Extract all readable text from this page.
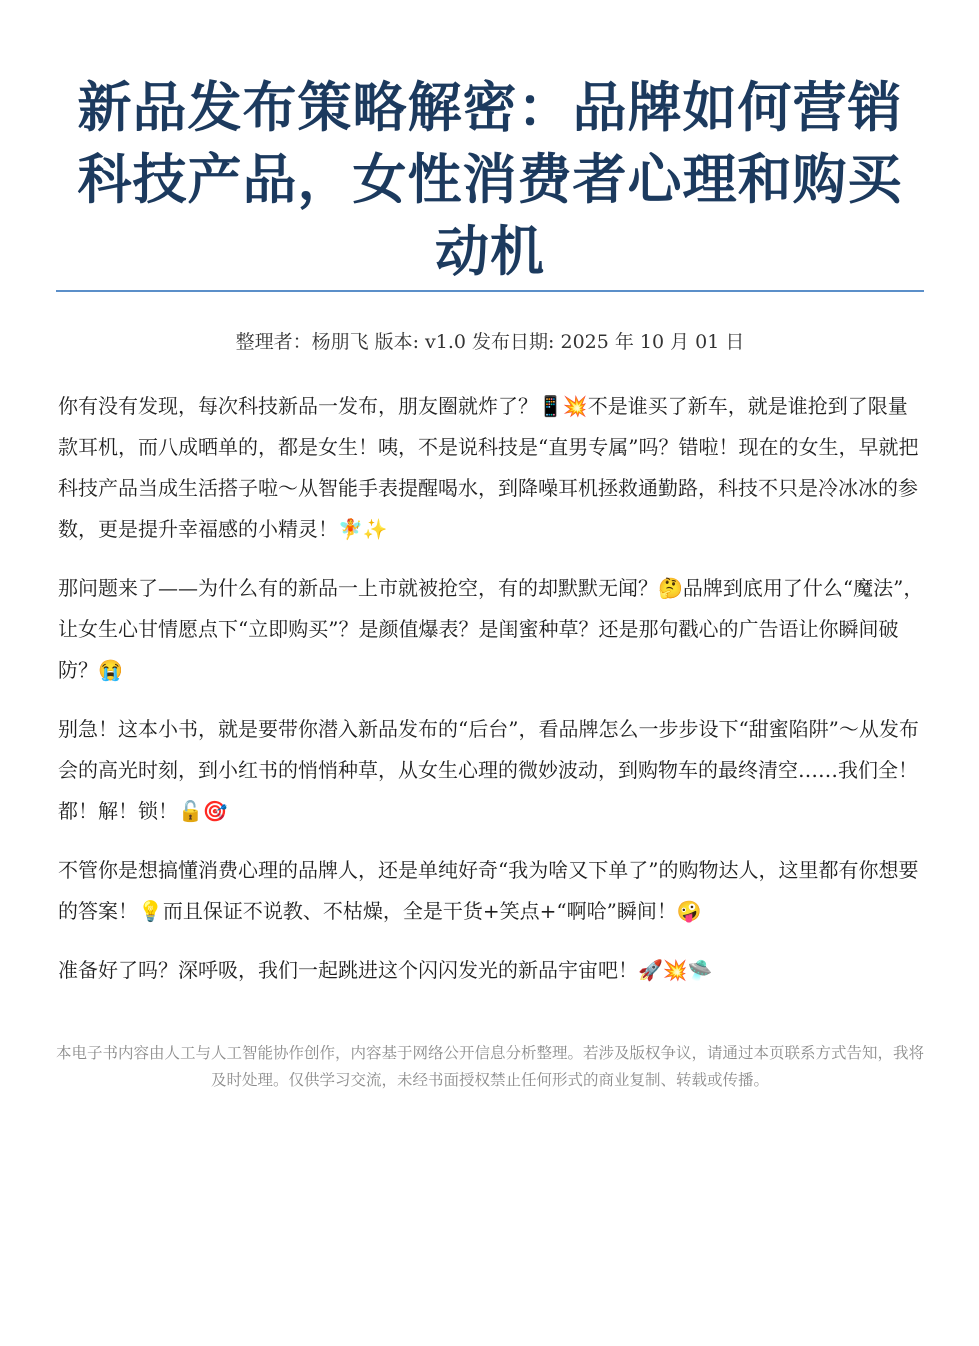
新品发布策略解密：品牌如何营销科技产品，女性消费者心理和购买动机
整理者：杨朋飞 版本: v1.0 发布日期: 2025 年 10 月 01 日

你有没有发现，每次科技新品一发布，朋友圈就炸了？📱💥不是谁买了新车，就是谁抢到了限量款耳机，而八成晒单的，都是女生！咦，不是说科技是“直男专属”吗？错啦！现在的女生，早就把科技产品当成生活搭子啦～从智能手表提醒喝水，到降噪耳机拯救通勤路，科技不只是冷冰冰的参数，更是提升幸福感的小精灵！🧚✨

那问题来了——为什么有的新品一上市就被抢空，有的却默默无闻？🤔品牌到底用了什么“魔法”，让女生心甘情愿点下“立即购买”？是颜值爆表？是闺蜜种草？还是那句戳心的广告语让你瞬间破防？😭

别急！这本小书，就是要带你潜入新品发布的“后台”，看品牌怎么一步步设下“甜蜜陷阱”～从发布会的高光时刻，到小红书的悄悄种草，从女生心理的微妙波动，到购物车的最终清空……我们全！都！解！锁！🔓🎯

不管你是想搞懂消费心理的品牌人，还是单纯好奇“我为啥又下单了”的购物达人，这里都有你想要的答案！💡而且保证不说教、不枯燥，全是干货+笑点+“啊哈”瞬间！🤪

准备好了吗？深呼吸，我们一起跳进这个闪闪发光的新品宇宙吧！🚀💥🛸

本电子书内容由人工与人工智能协作创作，内容基于网络公开信息分析整理。若涉及版权争议，请通过本页联系方式告知，我将及时处理。仅供学习交流，未经书面授权禁止任何形式的商业复制、转载或传播。
